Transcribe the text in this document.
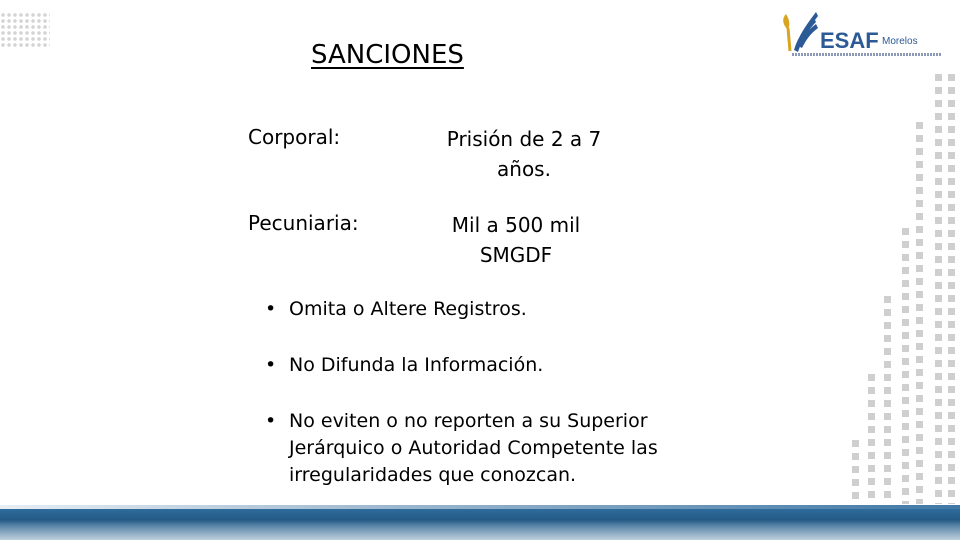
ESAF Morelos
SANCIONES
Corporal:	Prisión de 2 a 7
años.
Pecuniaria:	Mil a 500 mil
SMGDF
• Omita o Altere Registros.
• No Difunda la Información.
• No eviten o no reporten a su Superior
Jerárquico o Autoridad Competente las
irregularidades que conozcan.
